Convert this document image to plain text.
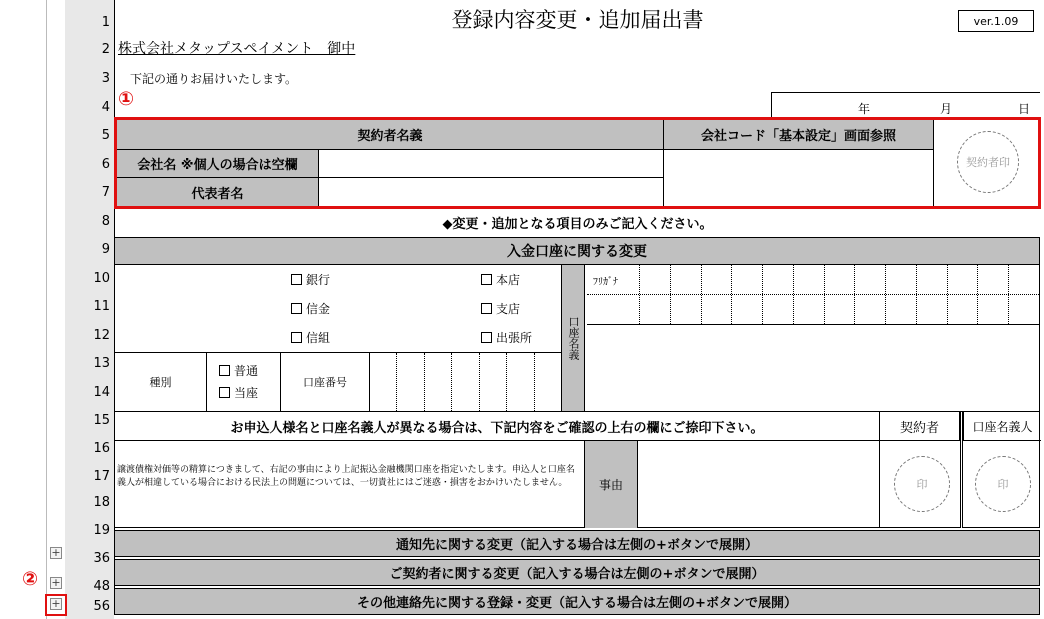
1
2
3
4
5
6
7
8
9
10
11
12
13
14
15
16
17
18
19
36
48
56
+
+
+
②
登録内容変更・追加届出書	ver.1.09
株式会社メタップスペイメント　御中
下記の通りお届けいたします。
①	年	月	日
契約者名義	会社コード「基本設定」画面参照
会社名 ※個人の場合は空欄
代表者名
契約者印
◆変更・追加となる項目のみご記入ください。
入金口座に関する変更
銀行
信金
信組
本店
支店
出張所
種別
普通
当座
口座番号
口座名義
ﾌﾘｶﾞﾅ
お申込人様名と口座名義人が異なる場合は、下記内容をご確認の上右の欄にご捺印下さい。	契約者	口座名義人
譲渡債権対価等の精算につきまして、右記の事由により上記振込金融機関口座を指定いたします。申込人と口座名義人が相違している場合における民法上の問題については、一切貴社にはご迷惑・損害をおかけいたしません。	事由	印	印
通知先に関する変更（記入する場合は左側の+ボタンで展開）
ご契約者に関する変更（記入する場合は左側の+ボタンで展開）
その他連絡先に関する登録・変更（記入する場合は左側の+ボタンで展開）
